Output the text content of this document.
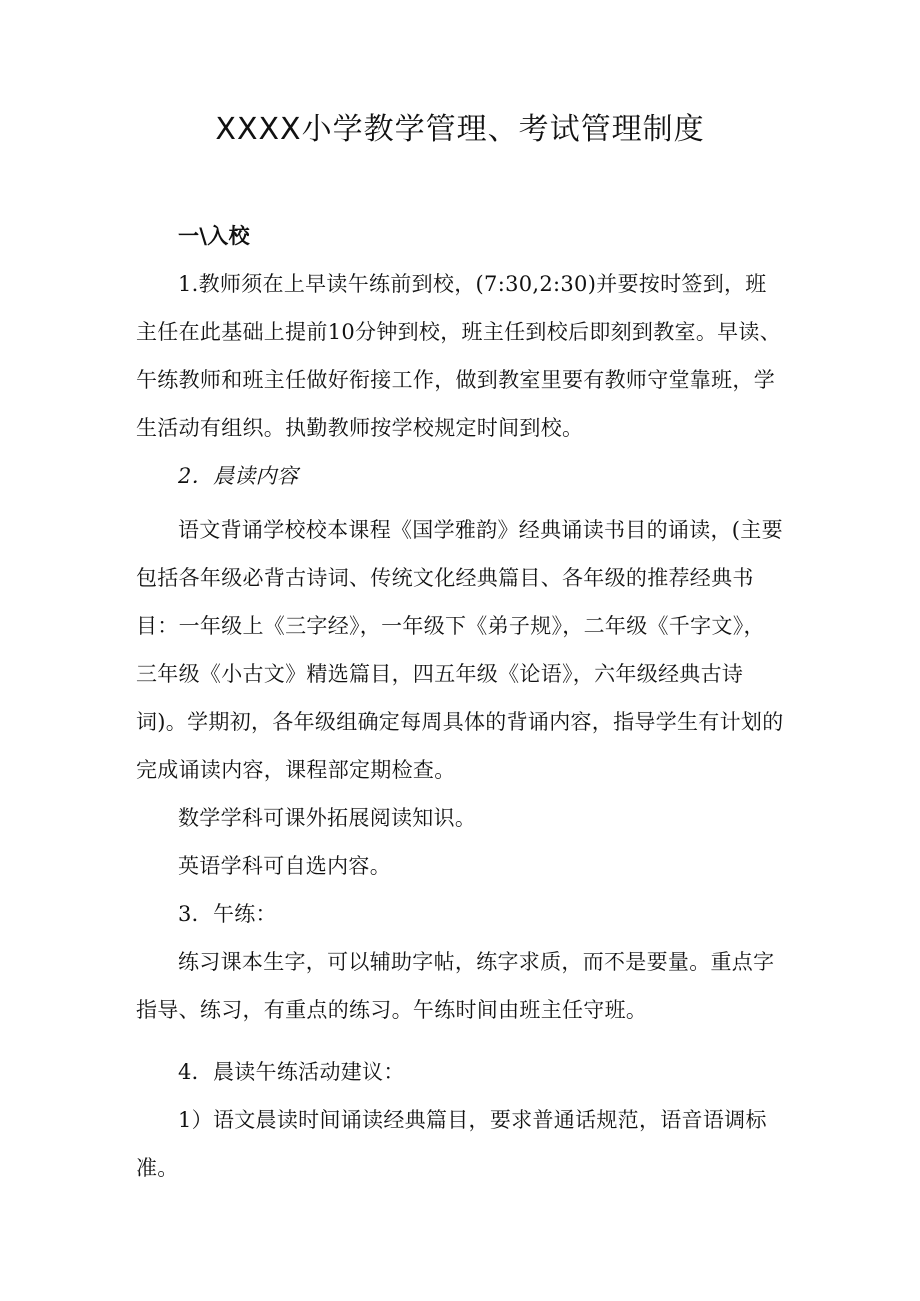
XXXX小学教学管理、考试管理制度

一\入校

1.教师须在上早读午练前到校，(7:30,2:30)并要按时签到，班主任在此基础上提前10分钟到校，班主任到校后即刻到教室。早读、午练教师和班主任做好衔接工作，做到教室里要有教师守堂靠班，学生活动有组织。执勤教师按学校规定时间到校。

2．晨读内容

语文背诵学校校本课程《国学雅韵》经典诵读书目的诵读，(主要包括各年级必背古诗词、传统文化经典篇目、各年级的推荐经典书目：一年级上《三字经》，一年级下《弟子规》，二年级《千字文》，三年级《小古文》精选篇目，四五年级《论语》，六年级经典古诗词)。学期初，各年级组确定每周具体的背诵内容，指导学生有计划的完成诵读内容，课程部定期检查。

数学学科可课外拓展阅读知识。

英语学科可自选内容。

3．午练：

练习课本生字，可以辅助字帖，练字求质，而不是要量。重点字指导、练习，有重点的练习。午练时间由班主任守班。

4．晨读午练活动建议：

1）语文晨读时间诵读经典篇目，要求普通话规范，语音语调标准。
